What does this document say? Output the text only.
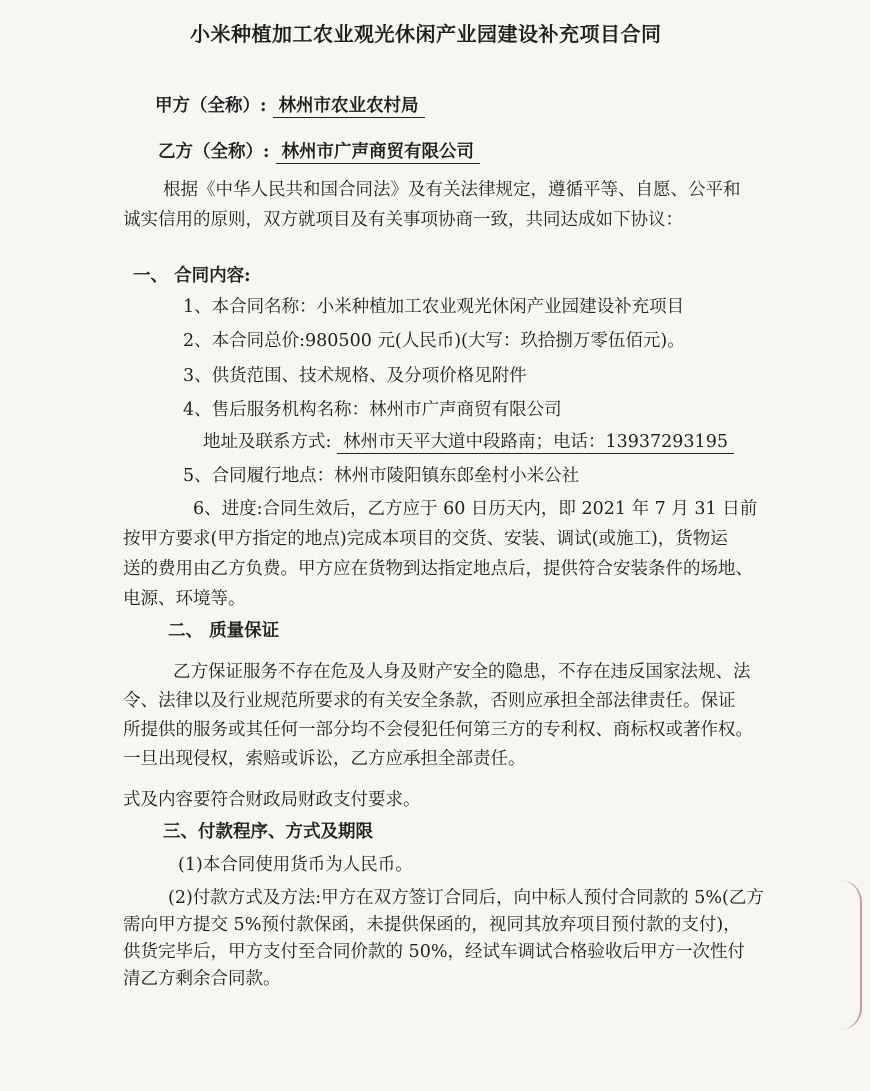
小米种植加工农业观光休闲产业园建设补充项目合同
甲方（全称）: 林州市农业农村局
乙方（全称）: 林州市广声商贸有限公司
根据《中华人民共和国合同法》及有关法律规定，遵循平等、自愿、公平和
诚实信用的原则，双方就项目及有关事项协商一致，共同达成如下协议：
一、 合同内容:
1、本合同名称：小米种植加工农业观光休闲产业园建设补充项目
2、本合同总价:980500 元(人民币)(大写：玖拾捌万零伍佰元)。
3、供货范围、技术规格、及分项价格见附件
4、售后服务机构名称：林州市广声商贸有限公司
地址及联系方式: 林州市天平大道中段路南；电话：13937293195
5、合同履行地点：林州市陵阳镇东郎垒村小米公社
6、进度:合同生效后，乙方应于 60 日历天内，即 2021 年 7 月 31 日前
按甲方要求(甲方指定的地点)完成本项目的交货、安装、调试(或施工)，货物运
送的费用由乙方负费。甲方应在货物到达指定地点后，提供符合安装条件的场地、
电源、环境等。
二、 质量保证
乙方保证服务不存在危及人身及财产安全的隐患，不存在违反国家法规、法
令、法律以及行业规范所要求的有关安全条款，否则应承担全部法律责任。保证
所提供的服务或其任何一部分均不会侵犯任何第三方的专利权、商标权或著作权。
一旦出现侵权，索赔或诉讼，乙方应承担全部责任。
式及内容要符合财政局财政支付要求。
三、付款程序、方式及期限
(1)本合同使用货币为人民币。
(2)付款方式及方法:甲方在双方签订合同后，向中标人预付合同款的 5%(乙方
需向甲方提交 5%预付款保函，未提供保函的，视同其放弃项目预付款的支付)，
供货完毕后，甲方支付至合同价款的 50%，经试车调试合格验收后甲方一次性付
清乙方剩余合同款。
